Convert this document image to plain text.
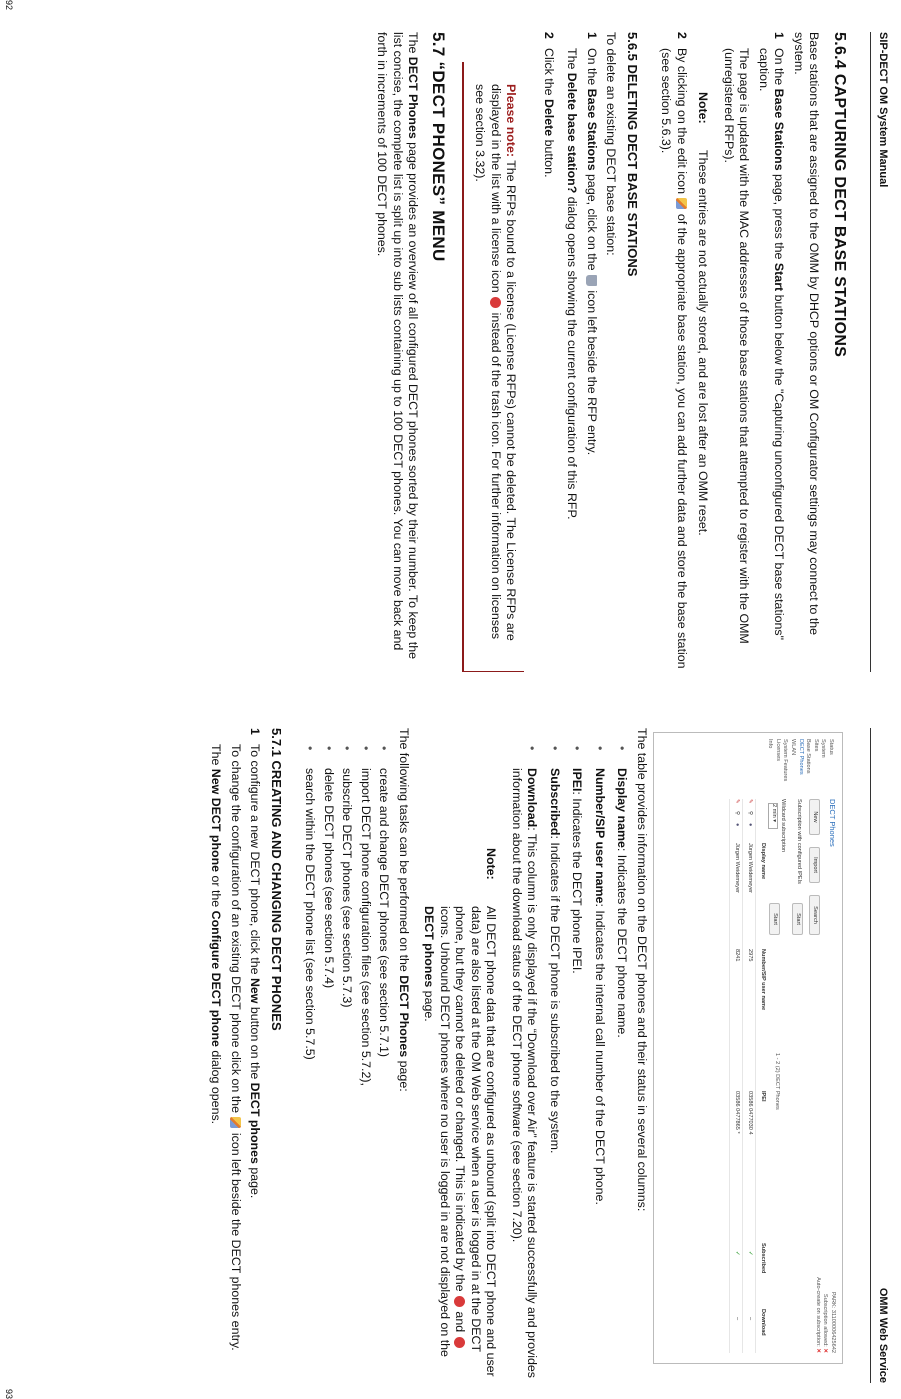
SIP-DECT OM System Manual
5.6.4 CAPTURING DECT BASE STATIONS

Base stations that are assigned to the OMM by DHCP options or OM Configurator settings may connect to the system.

1

On the Base Stations page, press the Start button below the "Capturing unconfigured DECT base stations" caption.

The page is updated with the MAC addresses of those base stations that attempted to register with the OMM (unregistered RFPs).

Note:
These entries are not actually stored, and are lost after an OMM reset.
2

By clicking on the edit icon  of the appropriate base station, you can add further data and store the base station (see section 5.6.3).

5.6.5 DELETING DECT BASE STATIONS

To delete an existing DECT base station:

1

On the Base Stations page, click on the  icon left beside the RFP entry.

The Delete base station? dialog opens showing the current configuration of this RFP.

2

Click the Delete button.

Please note: The RFPs bound to a license (License RFPs) cannot be deleted. The License RFPs are displayed in the list with a license icon  instead of the trash icon. For further information on licenses see section 3.32).
5.7 “DECT PHONES” MENU

The DECT Phones page provides an overview of all configured DECT phones sorted by their number. To keep the list concise, the complete list is split up into sub lists containing up to 100 DECT phones. You can move back and forth in increments of 100 DECT phones.

92
OMM Web Service
Status
System
Sites
Base Stations
DECT Phones
WLAN
System Features
Licenses
Info
DECT Phones
PARK: 31100006425642
Subscription allowed: ✕
Auto-create on subscription: ✕
New
Import
Search
Subscription with configured IPEIs
Start
Wildcard subscription
2 min ▾
Start
1 - 2 (2) DECT Phones
Display name
Number/SIP user name
IPEI
Subscribed
Download
✎
⚲
●
Jürgen Weidemeyer
2975
03586 0477030 4
✓
–
✎
⚲
●
Jürgen Weidemeyer
8241
03586 0477865 *
✓
–

The table provides information on the DECT phones and their status in several columns:

•

Display name: Indicates the DECT phone name.

•

Number/SIP user name: Indicates the internal call number of the DECT phone.

•

IPEI: Indicates the DECT phone IPEI.

•

Subscribed: Indicates if the DECT phone is subscribed to the system.

•

Download: This column is only displayed if the “Download over Air” feature is started successfully and provides information about the download status of the DECT phone software (see section 7.20).

Note:

All DECT phone data that are configured as unbound (split into DECT phone and user data) are also listed at the OM Web service when a user is logged in at the DECT phone, but they cannot be deleted or changed. This is indicated by the  and  icons. Unbound DECT phones where no user is logged in are not displayed on the DECT phones page.

The following tasks can be performed on the DECT Phones page:

•
create and change DECT phones (see section 5.7.1)
•
import DECT phone configuration files (see section 5.7.2),
•
subscribe DECT phones (see section 5.7.3)
•
delete DECT phones (see section 5.7.4)
•
search within the DECT phone list (see section 5.7.5)
5.7.1 CREATING AND CHANGING DECT PHONES
1

To configure a new DECT phone, click the New button on the DECT phones page.

To change the configuration of an existing DECT phone click on the  icon left beside the DECT phones entry.

The New DECT phone or the Configure DECT phone dialog opens.

93
